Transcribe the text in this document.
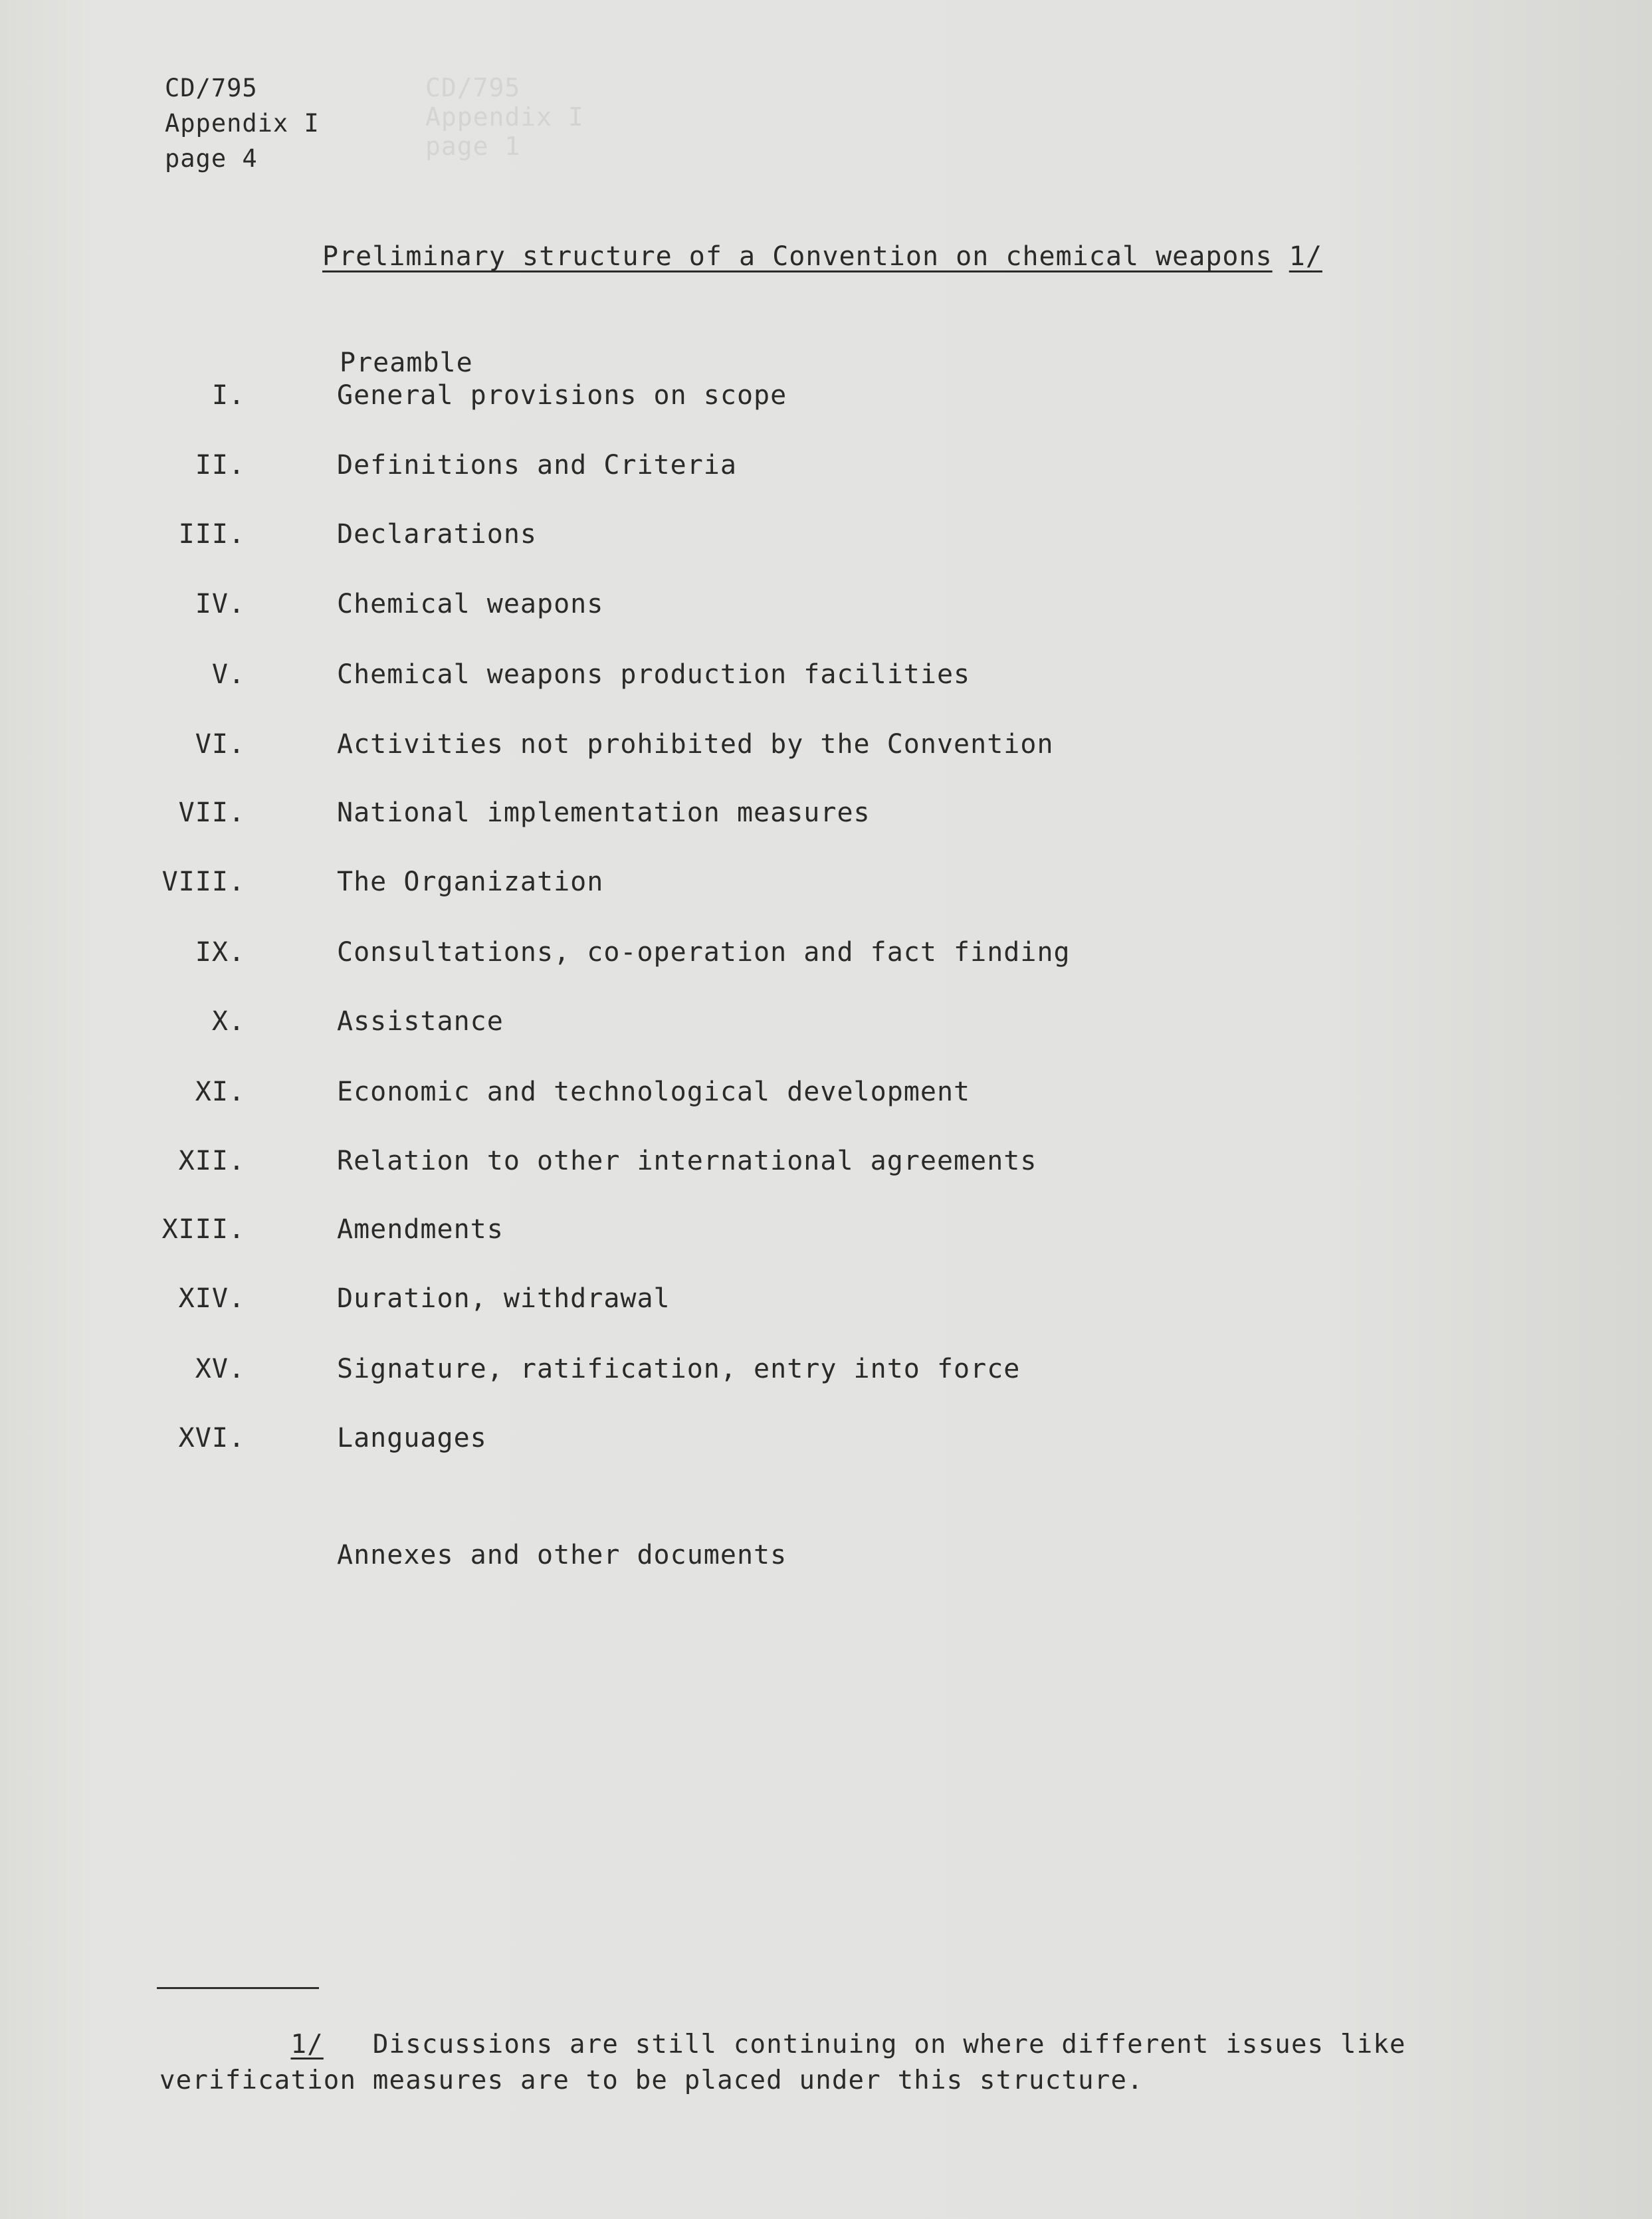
CD/795
Appendix I
page 1
CD/795
Appendix I
page 4
Preliminary structure of a Convention on chemical weapons 1/

Preamble

I.	General provisions on scope
II.	Definitions and Criteria
III.	Declarations
IV.	Chemical weapons
V.	Chemical weapons production facilities
VI.	Activities not prohibited by the Convention
VII.	National implementation measures
VIII.	The Organization
IX.	Consultations, co-operation and fact finding
X.	Assistance
XI.	Economic and technological development
XII.	Relation to other international agreements
XIII.	Amendments
XIV.	Duration, withdrawal
XV.	Signature, ratification, entry into force
XVI.	Languages

Annexes and other documents

1/ Discussions are still continuing on where different issues like
verification measures are to be placed under this structure.
